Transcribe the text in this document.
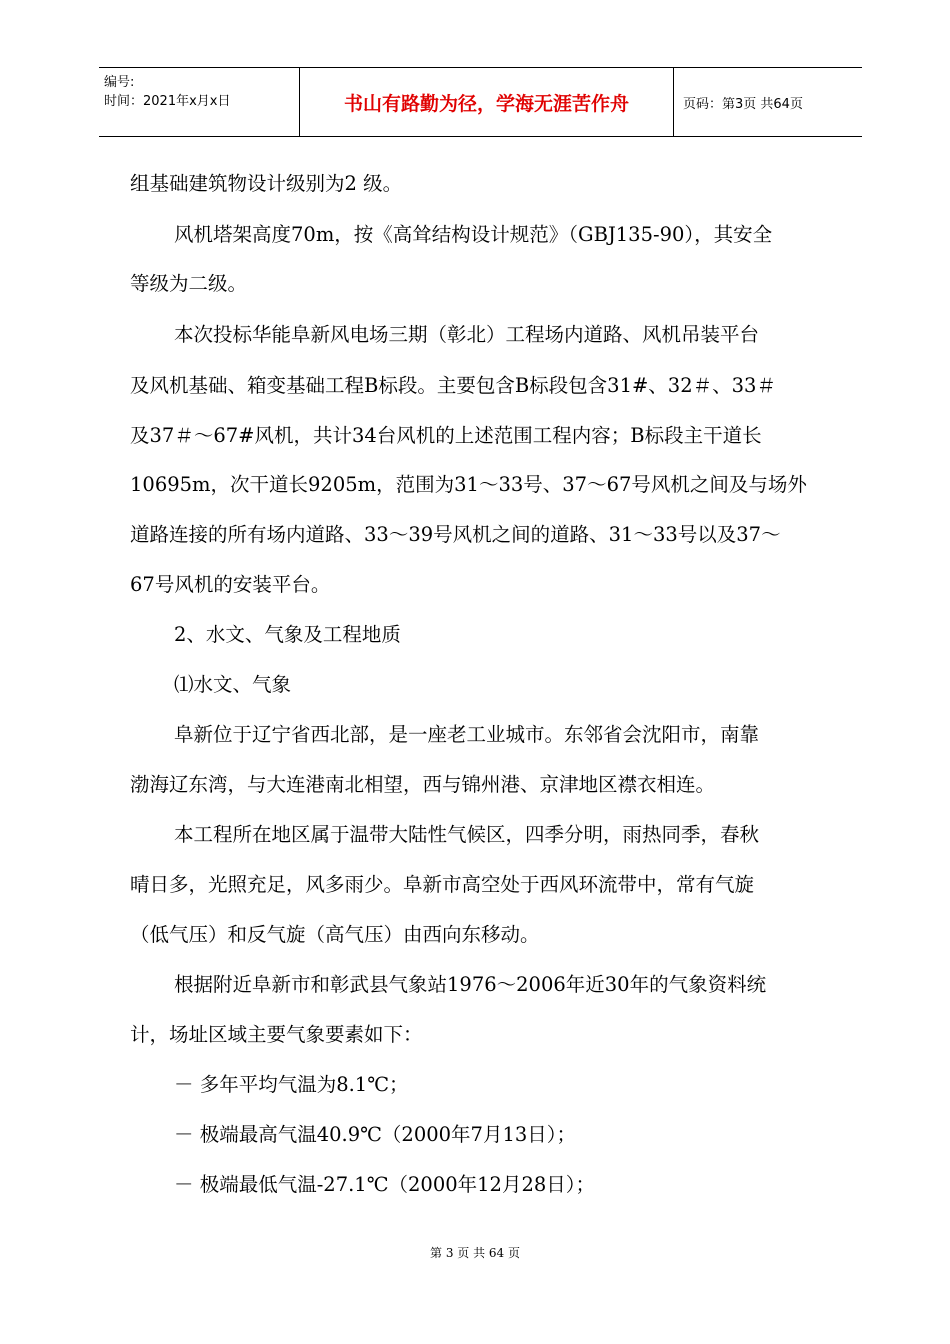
编号:
时间：2021年x月x日	书山有路勤为径，学海无涯苦作舟	页码：第3页 共64页
组基础建筑物设计级别为2 级。
风机塔架高度70m，按《高耸结构设计规范》（GBJ135-90），其安全
等级为二级。
本次投标华能阜新风电场三期（彰北）工程场内道路、风机吊装平台
及风机基础、箱变基础工程B标段。主要包含B标段包含31#、32＃、33＃
及37＃～67#风机，共计34台风机的上述范围工程内容；B标段主干道长
10695m，次干道长9205m，范围为31～33号、37～67号风机之间及与场外
道路连接的所有场内道路、33～39号风机之间的道路、31～33号以及37～
67号风机的安装平台。
2、水文、气象及工程地质
⑴水文、气象
阜新位于辽宁省西北部，是一座老工业城市。东邻省会沈阳市，南靠
渤海辽东湾，与大连港南北相望，西与锦州港、京津地区襟衣相连。
本工程所在地区属于温带大陆性气候区，四季分明，雨热同季，春秋
晴日多，光照充足，风多雨少。阜新市高空处于西风环流带中，常有气旋
（低气压）和反气旋（高气压）由西向东移动。
根据附近阜新市和彰武县气象站1976～2006年近30年的气象资料统
计，场址区域主要气象要素如下：
－ 多年平均气温为8.1℃；
－ 极端最高气温40.9℃（2000年7月13日）；
－ 极端最低气温-27.1℃（2000年12月28日）；
第 3 页 共 64 页
